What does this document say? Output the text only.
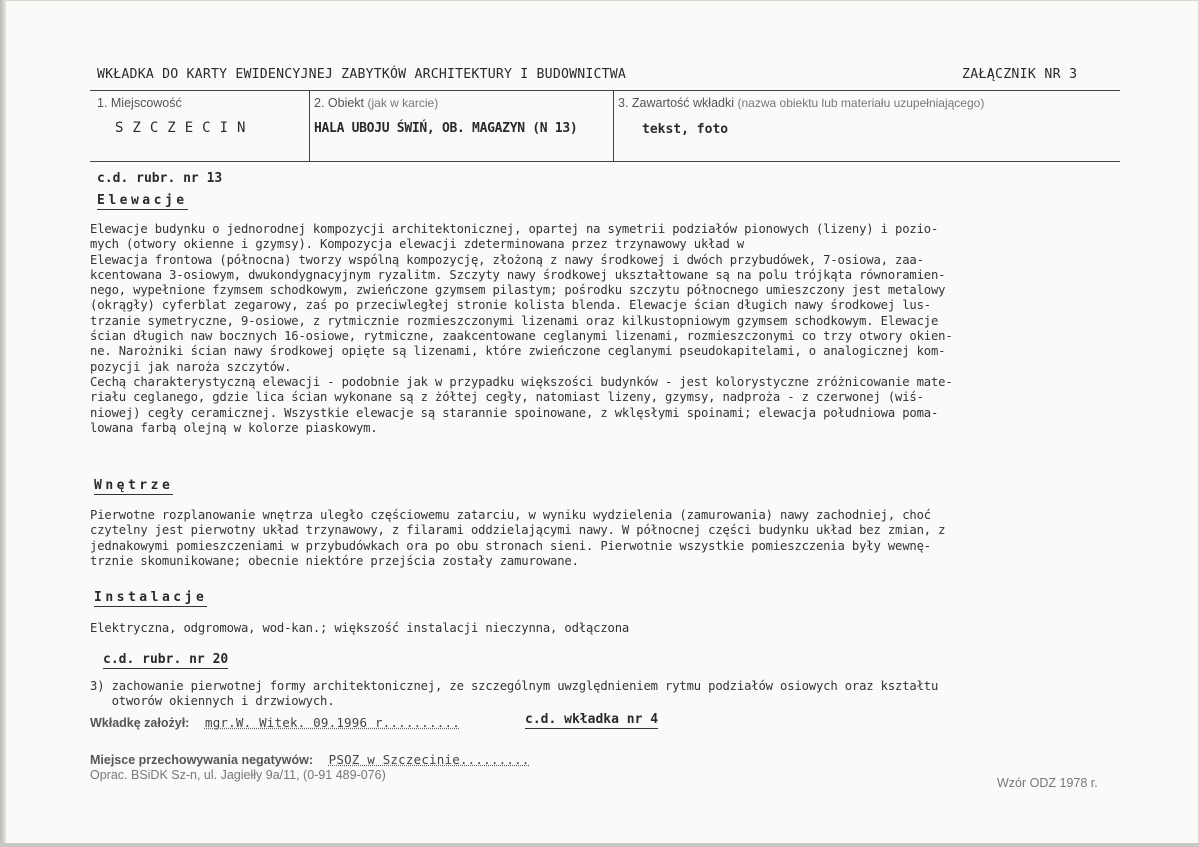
WKŁADKA DO KARTY EWIDENCYJNEJ ZABYTKÓW ARCHITEKTURY I BUDOWNICTWA	ZAŁĄCZNIK NR 3
1. Miejscowość	2. Obiekt (jak w karcie)	3. Zawartość wkładki (nazwa obiektu lub materiału uzupełniającego)
SZCZECIN	HALA UBOJU ŚWIŃ, OB. MAGAZYN (N 13)	tekst, foto
c.d. rubr. nr 13
Elewacje
Elewacje budynku o jednorodnej kompozycji architektonicznej, opartej na symetrii podziałów pionowych (lizeny) i pozio-
mych (otwory okienne i gzymsy). Kompozycja elewacji zdeterminowana przez trzynawowy układ w
Elewacja frontowa (północna) tworzy wspólną kompozycję, złożoną z nawy środkowej i dwóch przybudówek, 7-osiowa, zaa-
kcentowana 3-osiowym, dwukondygnacyjnym ryzalitm. Szczyty nawy środkowej ukształtowane są na polu trójkąta równoramien-
nego, wypełnione fzymsem schodkowym, zwieńczone gzymsem pilastym; pośrodku szczytu północnego umieszczony jest metalowy
(okrągły) cyferblat zegarowy, zaś po przeciwległej stronie kolista blenda. Elewacje ścian długich nawy środkowej lus-
trzanie symetryczne, 9-osiowe, z rytmicznie rozmieszczonymi lizenami oraz kilkustopniowym gzymsem schodkowym. Elewacje
ścian długich naw bocznych 16-osiowe, rytmiczne, zaakcentowane ceglanymi lizenami, rozmieszczonymi co trzy otwory okien-
ne. Narożniki ścian nawy środkowej opięte są lizenami, które zwieńczone ceglanymi pseudokapitelami, o analogicznej kom-
pozycji jak naroża szczytów.
Cechą charakterystyczną elewacji - podobnie jak w przypadku większości budynków - jest kolorystyczne zróżnicowanie mate-
riału ceglanego, gdzie lica ścian wykonane są z żółtej cegły, natomiast lizeny, gzymsy, nadproża - z czerwonej (wiś-
niowej) cegły ceramicznej. Wszystkie elewacje są starannie spoinowane, z wklęsłymi spoinami; elewacja południowa poma-
lowana farbą olejną w kolorze piaskowym.
Wnętrze
Pierwotne rozplanowanie wnętrza uległo częściowemu zatarciu, w wyniku wydzielenia (zamurowania) nawy zachodniej, choć
czytelny jest pierwotny układ trzynawowy, z filarami oddzielającymi nawy. W północnej części budynku układ bez zmian, z
jednakowymi pomieszczeniami w przybudówkach ora po obu stronach sieni. Pierwotnie wszystkie pomieszczenia były wewnę-
trznie skomunikowane; obecnie niektóre przejścia zostały zamurowane.
Instalacje
Elektryczna, odgromowa, wod-kan.; większość instalacji nieczynna, odłączona
c.d. rubr. nr 20
3) zachowanie pierwotnej formy architektonicznej, ze szczególnym uwzględnieniem rytmu podziałów osiowych oraz kształtu
otworów okiennych i drzwiowych.
Wkładkę założył: mgr.W. Witek. 09.1996 r..........	c.d. wkładka nr 4
Miejsce przechowywania negatywów: PSOZ w Szczecinie.........
Oprac. BSiDK Sz-n, ul. Jagiełły 9a/11, (0-91 489-076)
Wzór ODZ 1978 r.
